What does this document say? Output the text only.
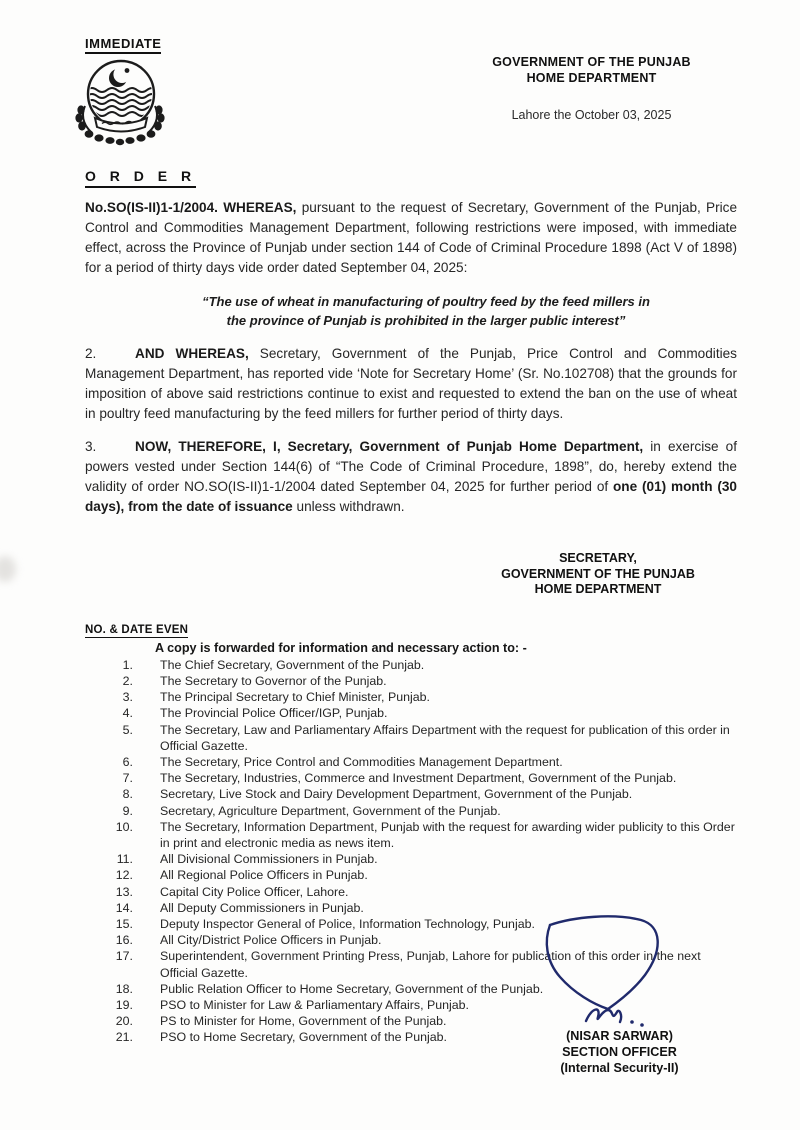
IMMEDIATE
GOVERNMENT OF THE PUNJAB
HOME DEPARTMENT
Lahore the October 03, 2025
O R D E R

No.SO(IS-II)1-1/2004. WHEREAS, pursuant to the request of Secretary, Government of the Punjab, Price Control and Commodities Management Department, following restrictions were imposed, with immediate effect, across the Province of Punjab under section 144 of Code of Criminal Procedure 1898 (Act V of 1898) for a period of thirty days vide order dated September 04, 2025:

“The use of wheat in manufacturing of poultry feed by the feed millers in
the province of Punjab is prohibited in the larger public interest”

2.	AND WHEREAS, Secretary, Government of the Punjab, Price Control and Commodities Management Department, has reported vide ‘Note for Secretary Home’ (Sr. No.102708) that the grounds for imposition of above said restrictions continue to exist and requested to extend the ban on the use of wheat in poultry feed manufacturing by the feed millers for further period of thirty days.

3.	NOW, THEREFORE, I, Secretary, Government of Punjab Home Department, in exercise of powers vested under Section 144(6) of “The Code of Criminal Procedure, 1898”, do, hereby extend the validity of order NO.SO(IS-II)1-1/2004 dated September 04, 2025 for further period of one (01) month (30 days), from the date of issuance unless withdrawn.

SECRETARY,
GOVERNMENT OF THE PUNJAB
HOME DEPARTMENT
NO. & DATE EVEN
A copy is forwarded for information and necessary action to: -
1. The Chief Secretary, Government of the Punjab.
2. The Secretary to Governor of the Punjab.
3. The Principal Secretary to Chief Minister, Punjab.
4. The Provincial Police Officer/IGP, Punjab.
5. The Secretary, Law and Parliamentary Affairs Department with the request for publication of this order in Official Gazette.
6. The Secretary, Price Control and Commodities Management Department.
7. The Secretary, Industries, Commerce and Investment Department, Government of the Punjab.
8. Secretary, Live Stock and Dairy Development Department, Government of the Punjab.
9. Secretary, Agriculture Department, Government of the Punjab.
10. The Secretary, Information Department, Punjab with the request for awarding wider publicity to this Order in print and electronic media as news item.
11. All Divisional Commissioners in Punjab.
12. All Regional Police Officers in Punjab.
13. Capital City Police Officer, Lahore.
14. All Deputy Commissioners in Punjab.
15. Deputy Inspector General of Police, Information Technology, Punjab.
16. All City/District Police Officers in Punjab.
17. Superintendent, Government Printing Press, Punjab, Lahore for publication of this order in the next Official Gazette.
18. Public Relation Officer to Home Secretary, Government of the Punjab.
19. PSO to Minister for Law & Parliamentary Affairs, Punjab.
20. PS to Minister for Home, Government of the Punjab.
21. PSO to Home Secretary, Government of the Punjab.	(NISAR SARWAR)
SECTION OFFICER
(Internal Security-II)
